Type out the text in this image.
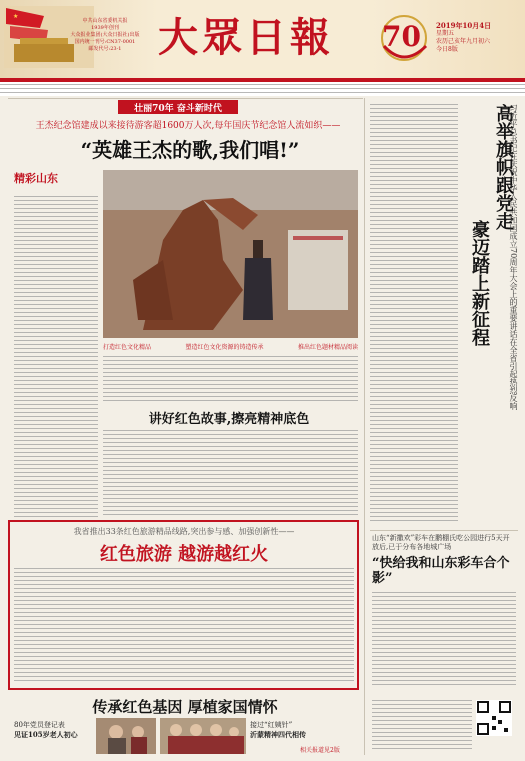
★
中共山东省委机关报
1939年创刊
大众报业集团(大众日报社)出版
国内统一刊号:CN37-0001
邮发代号:23-1 大眾日報 70 2019年10月4日
星期五
农历己亥年九月初六
今日8版
壮丽70年 奋斗新时代
王杰纪念馆建成以来接待游客超1600万人次,每年国庆节纪念馆人流如织——
“英雄王杰的歌,我们唱!”
精彩山东
打造红色文化精品	塑造红色文化资源的铸造传承	推出红色题材精品阅读
讲好红色故事,擦亮精神底色
我省推出33条红色旅游精品线路,突出参与感、加强创新性——
红色旅游 越游越红火
传承红色基因 厚植家国情怀
80年党员登记表
见证105岁老人初心
接过“红姨针”
沂蒙精神四代相传
相关报道见2版
高举旗帜跟党走
豪迈踏上新征程 习近平总书记在庆祝中华人民共和国成立70周年大会上的重要讲话在全省引起热烈反响
山东“新撒欢”彩车在鹏棚氏吃公园进行5天开放后,已于分布各地城广场
“快给我和山东彩车合个影”
